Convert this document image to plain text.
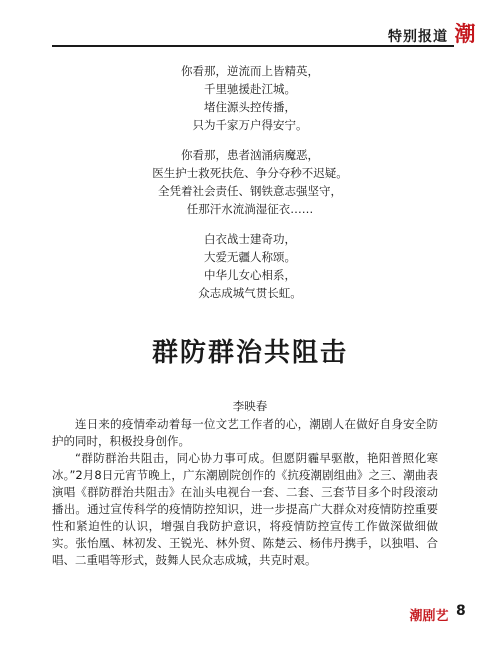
特别报道 潮
你看那，逆流而上皆精英，
千里驰援赴江城。
堵住源头控传播，
只为千家万户得安宁。
你看那，患者汹涌病魔恶，
医生护士救死扶危、争分夺秒不迟疑。
全凭着社会责任、钢铁意志强坚守，
任那汗水流淌湿征衣……
白衣战士建奇功，
大爱无疆人称颂。
中华儿女心相系，
众志成城气贯长虹。
群防群治共阻击
李映春

连日来的疫情牵动着每一位文艺工作者的心，潮剧人在做好自身安全防护的同时，积极投身创作。

“群防群治共阻击，同心协力事可成。但愿阴霾早驱散，艳阳普照化寒冰。”2月8日元宵节晚上，广东潮剧院创作的《抗疫潮剧组曲》之三、潮曲表演唱《群防群治共阻击》在汕头电视台一套、二套、三套节目多个时段滚动播出。通过宣传科学的疫情防控知识，进一步提高广大群众对疫情防控重要性和紧迫性的认识，增强自我防护意识，将疫情防控宣传工作做深做细做实。张怡凰、林初发、王锐光、林外贸、陈楚云、杨伟丹携手，以独唱、合唱、二重唱等形式，鼓舞人民众志成城，共克时艰。

潮剧艺 8
